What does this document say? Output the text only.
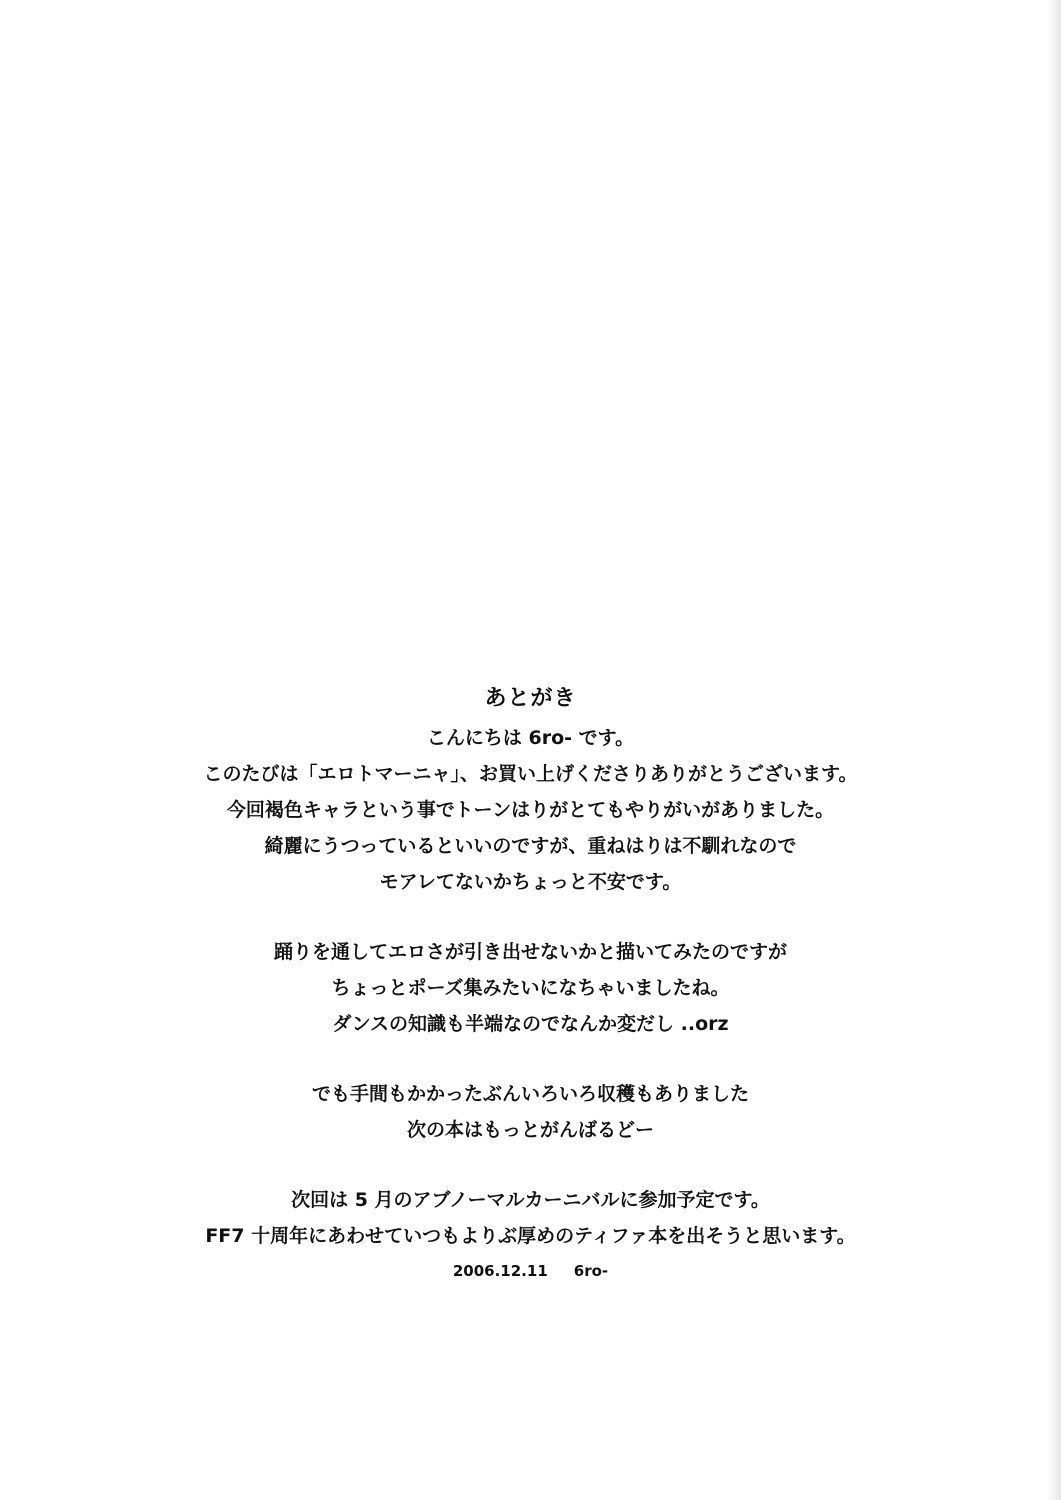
あとがき
こんにちは 6ro- です。
このたびは「エロトマーニャ」、お買い上げくださりありがとうございます。
今回褐色キャラという事でトーンはりがとてもやりがいがありました。
綺麗にうつっているといいのですが、重ねはりは不馴れなので
モアレてないかちょっと不安です。
踊りを通してエロさが引き出せないかと描いてみたのですが
ちょっとポーズ集みたいになちゃいましたね。
ダンスの知識も半端なのでなんか変だし ..orz
でも手間もかかったぶんいろいろ収穫もありました
次の本はもっとがんばるどー
次回は 5 月のアブノーマルカーニバルに参加予定です。
FF7 十周年にあわせていつもよりぶ厚めのティファ本を出そうと思います。
2006.12.11 6ro-
